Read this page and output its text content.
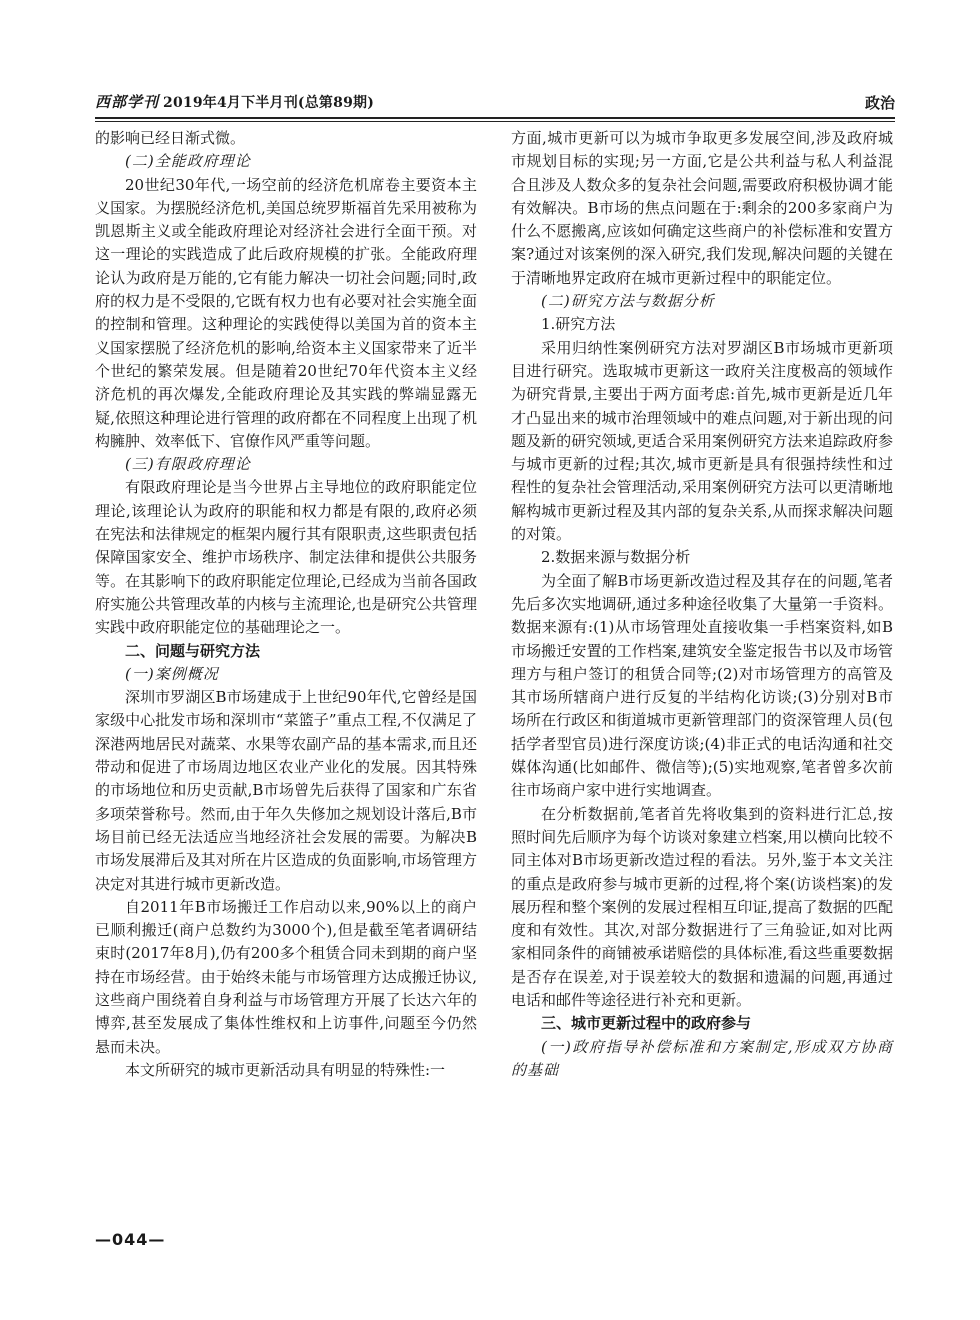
西部学刊 2019年4月下半月刊(总第89期)	政治

的影响已经日渐式微。

(二)全能政府理论

20世纪30年代,一场空前的经济危机席卷主要资本主义国家。为摆脱经济危机,美国总统罗斯福首先采用被称为凯恩斯主义或全能政府理论对经济社会进行全面干预。对这一理论的实践造成了此后政府规模的扩张。全能政府理论认为政府是万能的,它有能力解决一切社会问题;同时,政府的权力是不受限的,它既有权力也有必要对社会实施全面的控制和管理。这种理论的实践使得以美国为首的资本主义国家摆脱了经济危机的影响,给资本主义国家带来了近半个世纪的繁荣发展。但是随着20世纪70年代资本主义经济危机的再次爆发,全能政府理论及其实践的弊端显露无疑,依照这种理论进行管理的政府都在不同程度上出现了机构臃肿、效率低下、官僚作风严重等问题。

(三)有限政府理论

有限政府理论是当今世界占主导地位的政府职能定位理论,该理论认为政府的职能和权力都是有限的,政府必须在宪法和法律规定的框架内履行其有限职责,这些职责包括保障国家安全、维护市场秩序、制定法律和提供公共服务等。在其影响下的政府职能定位理论,已经成为当前各国政府实施公共管理改革的内核与主流理论,也是研究公共管理实践中政府职能定位的基础理论之一。

二、问题与研究方法

(一)案例概况

深圳市罗湖区B市场建成于上世纪90年代,它曾经是国家级中心批发市场和深圳市“菜篮子”重点工程,不仅满足了深港两地居民对蔬菜、水果等农副产品的基本需求,而且还带动和促进了市场周边地区农业产业化的发展。因其特殊的市场地位和历史贡献,B市场曾先后获得了国家和广东省多项荣誉称号。然而,由于年久失修加之规划设计落后,B市场目前已经无法适应当地经济社会发展的需要。为解决B市场发展滞后及其对所在片区造成的负面影响,市场管理方决定对其进行城市更新改造。

自2011年B市场搬迁工作启动以来,90%以上的商户已顺利搬迁(商户总数约为3000个),但是截至笔者调研结束时(2017年8月),仍有200多个租赁合同未到期的商户坚持在市场经营。由于始终未能与市场管理方达成搬迁协议,这些商户围绕着自身利益与市场管理方开展了长达六年的博弈,甚至发展成了集体性维权和上访事件,问题至今仍然悬而未决。

本文所研究的城市更新活动具有明显的特殊性:一

方面,城市更新可以为城市争取更多发展空间,涉及政府城市规划目标的实现;另一方面,它是公共利益与私人利益混合且涉及人数众多的复杂社会问题,需要政府积极协调才能有效解决。B市场的焦点问题在于:剩余的200多家商户为什么不愿搬离,应该如何确定这些商户的补偿标准和安置方案?通过对该案例的深入研究,我们发现,解决问题的关键在于清晰地界定政府在城市更新过程中的职能定位。

(二)研究方法与数据分析

1.研究方法

采用归纳性案例研究方法对罗湖区B市场城市更新项目进行研究。选取城市更新这一政府关注度极高的领域作为研究背景,主要出于两方面考虑:首先,城市更新是近几年才凸显出来的城市治理领域中的难点问题,对于新出现的问题及新的研究领域,更适合采用案例研究方法来追踪政府参与城市更新的过程;其次,城市更新是具有很强持续性和过程性的复杂社会管理活动,采用案例研究方法可以更清晰地解构城市更新过程及其内部的复杂关系,从而探求解决问题的对策。

2.数据来源与数据分析

为全面了解B市场更新改造过程及其存在的问题,笔者先后多次实地调研,通过多种途径收集了大量第一手资料。数据来源有:(1)从市场管理处直接收集一手档案资料,如B市场搬迁安置的工作档案,建筑安全鉴定报告书以及市场管理方与租户签订的租赁合同等;(2)对市场管理方的高管及其市场所辖商户进行反复的半结构化访谈;(3)分别对B市场所在行政区和街道城市更新管理部门的资深管理人员(包括学者型官员)进行深度访谈;(4)非正式的电话沟通和社交媒体沟通(比如邮件、微信等);(5)实地观察,笔者曾多次前往市场商户家中进行实地调查。

在分析数据前,笔者首先将收集到的资料进行汇总,按照时间先后顺序为每个访谈对象建立档案,用以横向比较不同主体对B市场更新改造过程的看法。另外,鉴于本文关注的重点是政府参与城市更新的过程,将个案(访谈档案)的发展历程和整个案例的发展过程相互印证,提高了数据的匹配度和有效性。其次,对部分数据进行了三角验证,如对比两家相同条件的商铺被承诺赔偿的具体标准,看这些重要数据是否存在误差,对于误差较大的数据和遗漏的问题,再通过电话和邮件等途径进行补充和更新。

三、城市更新过程中的政府参与

(一)政府指导补偿标准和方案制定,形成双方协商的基础

—044—
